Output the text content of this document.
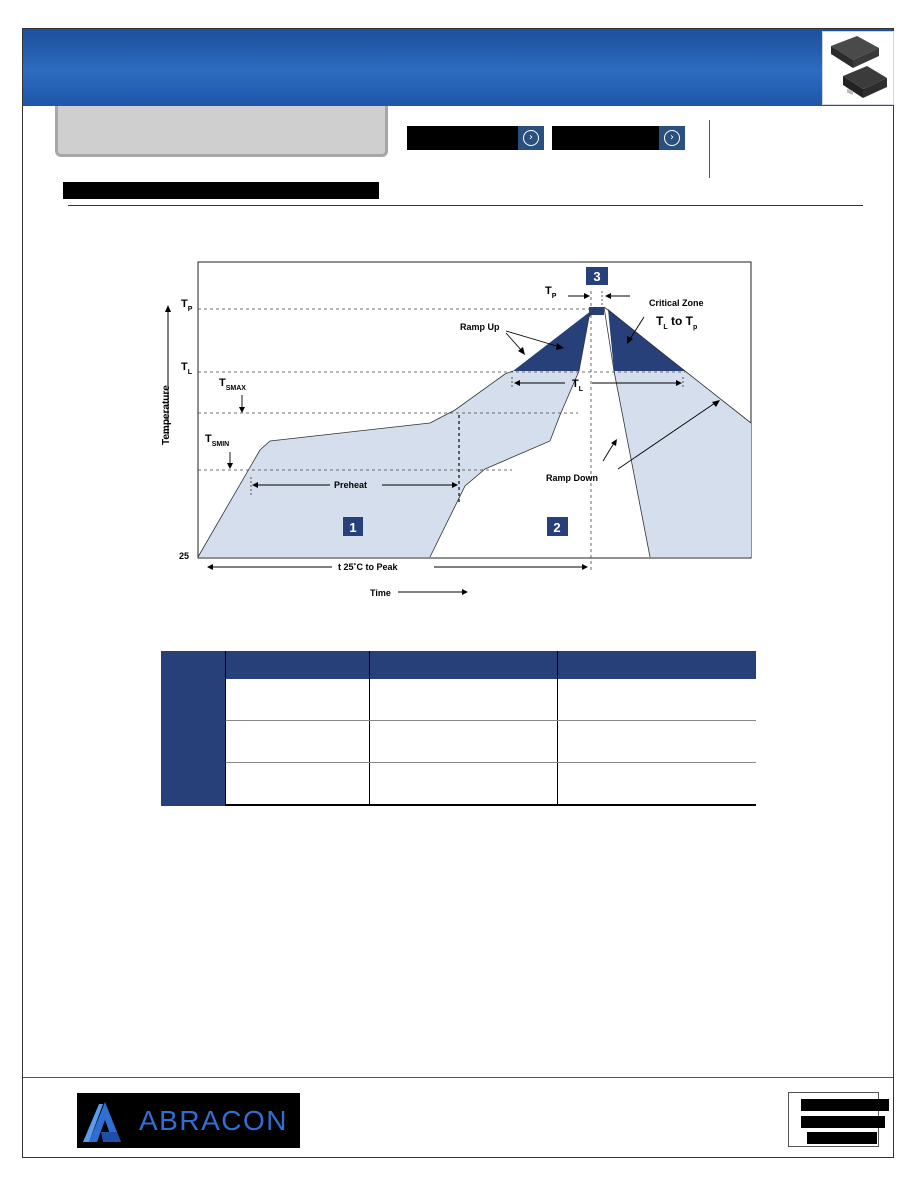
›	›
Temperature
$T_P$
$T_L$
$T_{SMAX}$
$T_{SMIN}$
25
3
$T_P$
Critical Zone
$T_L$ to $T_p$
Ramp Up
$T_L$
Ramp Down
Preheat
1	2
t 25˚C to Peak
Time

ABRACON
